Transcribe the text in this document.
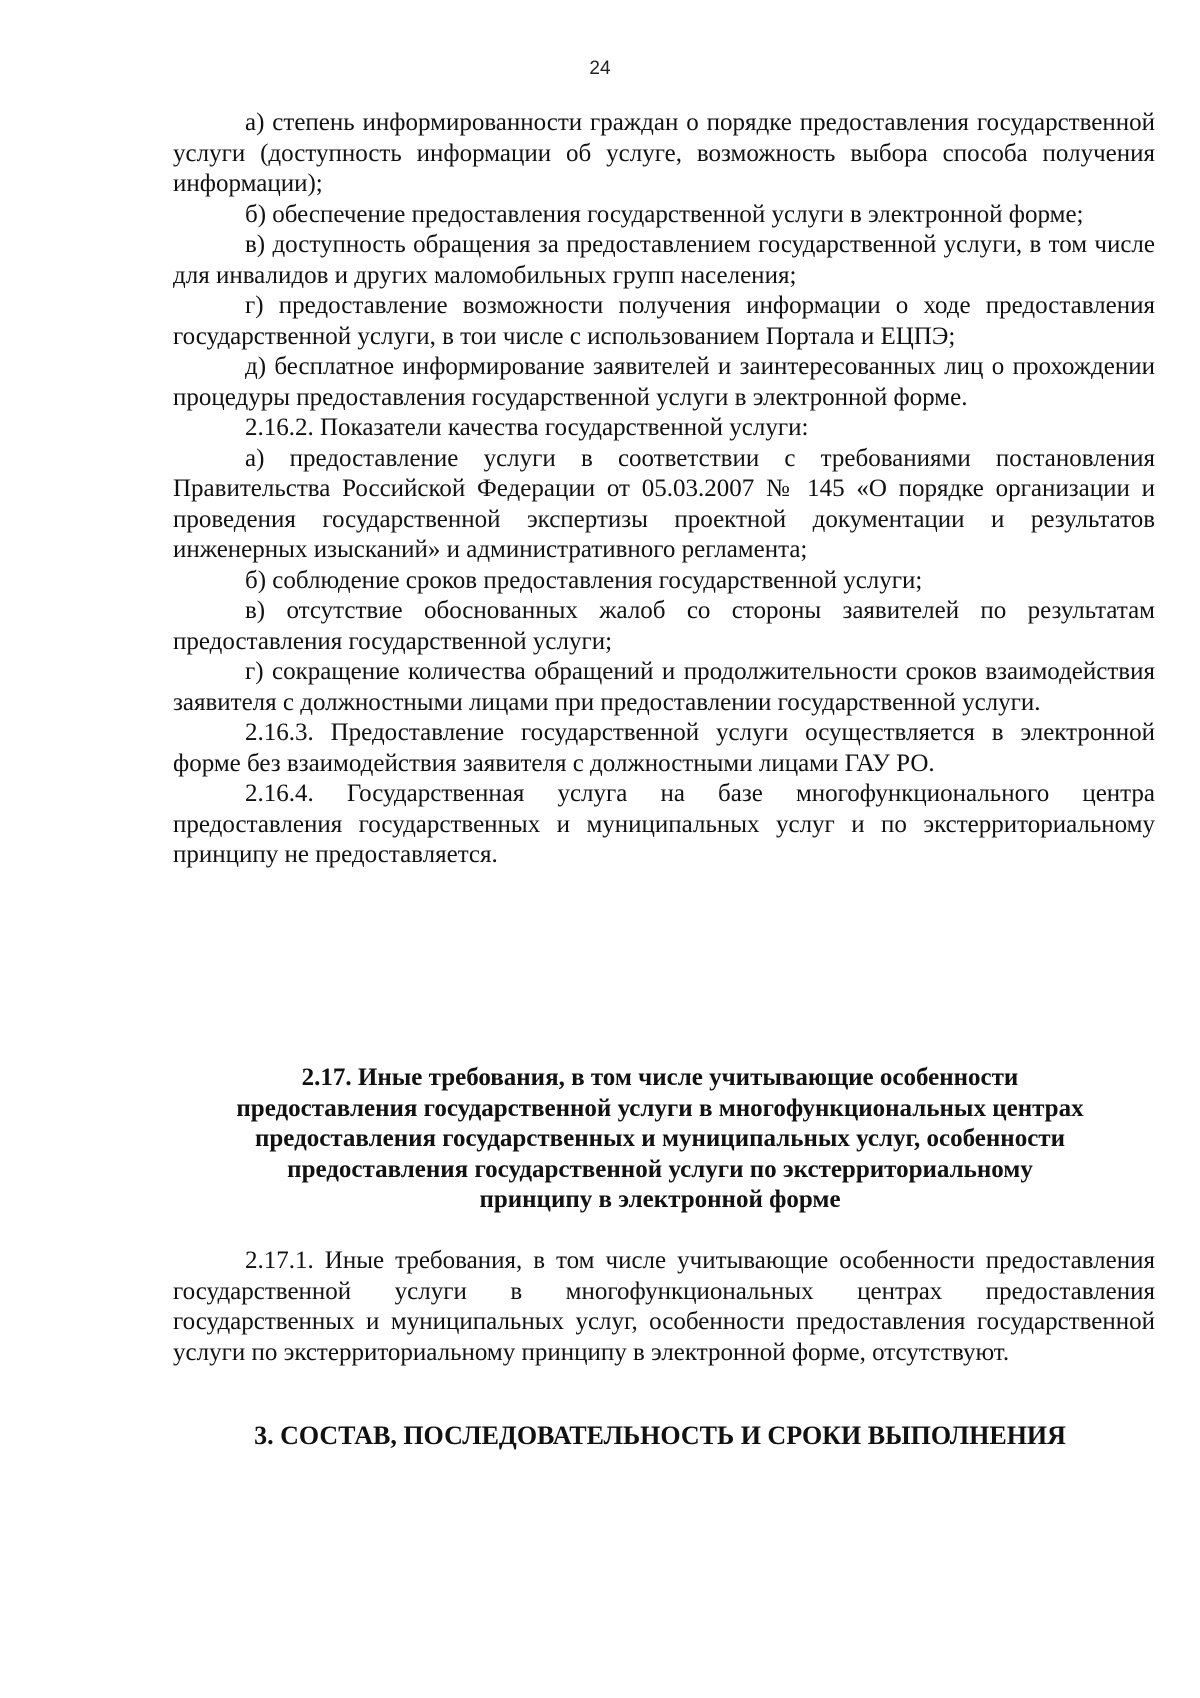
24

а) степень информированности граждан о порядке предоставления государственной услуги (доступность информации об услуге, возможность выбора способа получения информации);

б) обеспечение предоставления государственной услуги в электронной форме;

в) доступность обращения за предоставлением государственной услуги, в том числе для инвалидов и других маломобильных групп населения;

г) предоставление возможности получения информации о ходе предоставления государственной услуги, в тои числе с использованием Портала и ЕЦПЭ;

д) бесплатное информирование заявителей и заинтересованных лиц о прохождении процедуры предоставления государственной услуги в электронной форме.

2.16.2. Показатели качества государственной услуги:

а) предоставление услуги в соответствии с требованиями постановления Правительства Российской Федерации от 05.03.2007 № 145 «О порядке организации и проведения государственной экспертизы проектной документации и результатов инженерных изысканий» и административного регламента;

б) соблюдение сроков предоставления государственной услуги;

в) отсутствие обоснованных жалоб со стороны заявителей по результатам предоставления государственной услуги;

г) сокращение количества обращений и продолжительности сроков взаимодействия заявителя с должностными лицами при предоставлении государственной услуги.

2.16.3. Предоставление государственной услуги осуществляется в электронной форме без взаимодействия заявителя с должностными лицами ГАУ РО.

2.16.4. Государственная услуга на базе многофункционального центра предоставления государственных и муниципальных услуг и по экстерриториальному принципу не предоставляется.

2.17. Иные требования, в том числе учитывающие особенности
предоставления государственной услуги в многофункциональных центрах
предоставления государственных и муниципальных услуг, особенности
предоставления государственной услуги по экстерриториальному
принципу в электронной форме

2.17.1. Иные требования, в том числе учитывающие особенности предоставления государственной услуги в многофункциональных центрах предоставления государственных и муниципальных услуг, особенности предоставления государственной услуги по экстерриториальному принципу в электронной форме, отсутствуют.

3. СОСТАВ, ПОСЛЕДОВАТЕЛЬНОСТЬ И СРОКИ ВЫПОЛНЕНИЯ
